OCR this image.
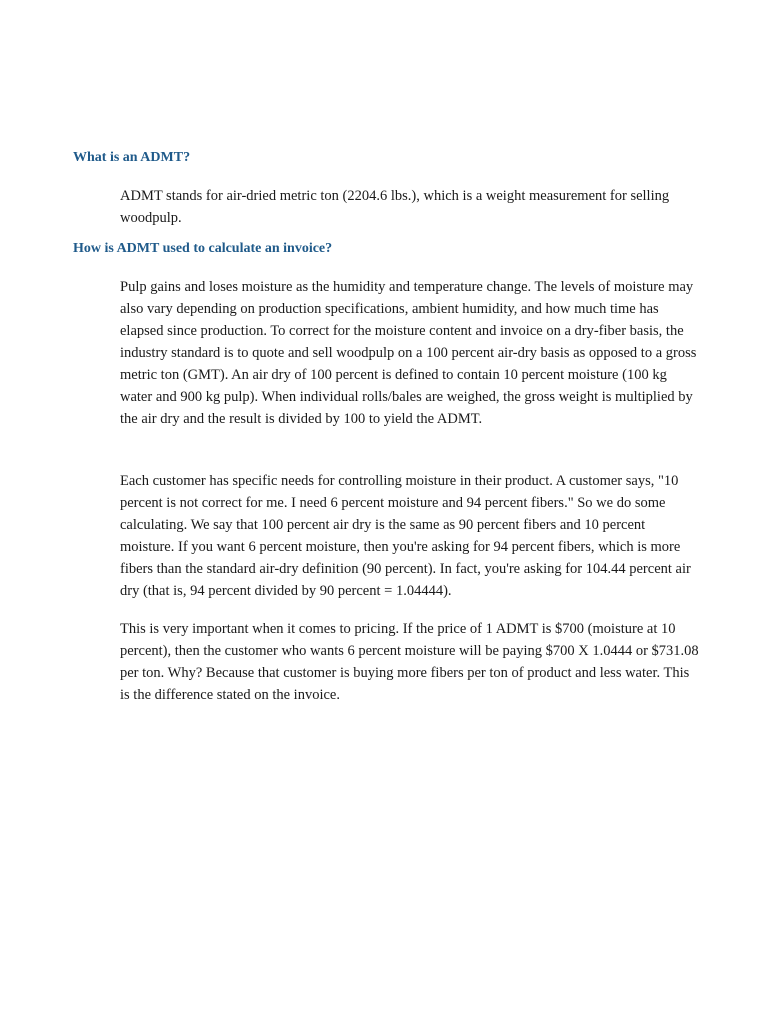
What is an ADMT?

ADMT stands for air-dried metric ton (2204.6 lbs.), which is a weight measurement for selling woodpulp.

How is ADMT used to calculate an invoice?

Pulp gains and loses moisture as the humidity and temperature change. The levels of moisture may also vary depending on production specifications, ambient humidity, and how much time has elapsed since production. To correct for the moisture content and invoice on a dry-fiber basis, the industry standard is to quote and sell woodpulp on a 100 percent air-dry basis as opposed to a gross metric ton (GMT). An air dry of 100 percent is defined to contain 10 percent moisture (100 kg water and 900 kg pulp). When individual rolls/bales are weighed, the gross weight is multiplied by the air dry and the result is divided by 100 to yield the ADMT.

Each customer has specific needs for controlling moisture in their product. A customer says, "10 percent is not correct for me. I need 6 percent moisture and 94 percent fibers." So we do some calculating. We say that 100 percent air dry is the same as 90 percent fibers and 10 percent moisture. If you want 6 percent moisture, then you're asking for 94 percent fibers, which is more fibers than the standard air-dry definition (90 percent). In fact, you're asking for 104.44 percent air dry (that is, 94 percent divided by 90 percent = 1.04444).

This is very important when it comes to pricing. If the price of 1 ADMT is $700 (moisture at 10 percent), then the customer who wants 6 percent moisture will be paying $700 X 1.0444 or $731.08 per ton. Why? Because that customer is buying more fibers per ton of product and less water. This is the difference stated on the invoice.
